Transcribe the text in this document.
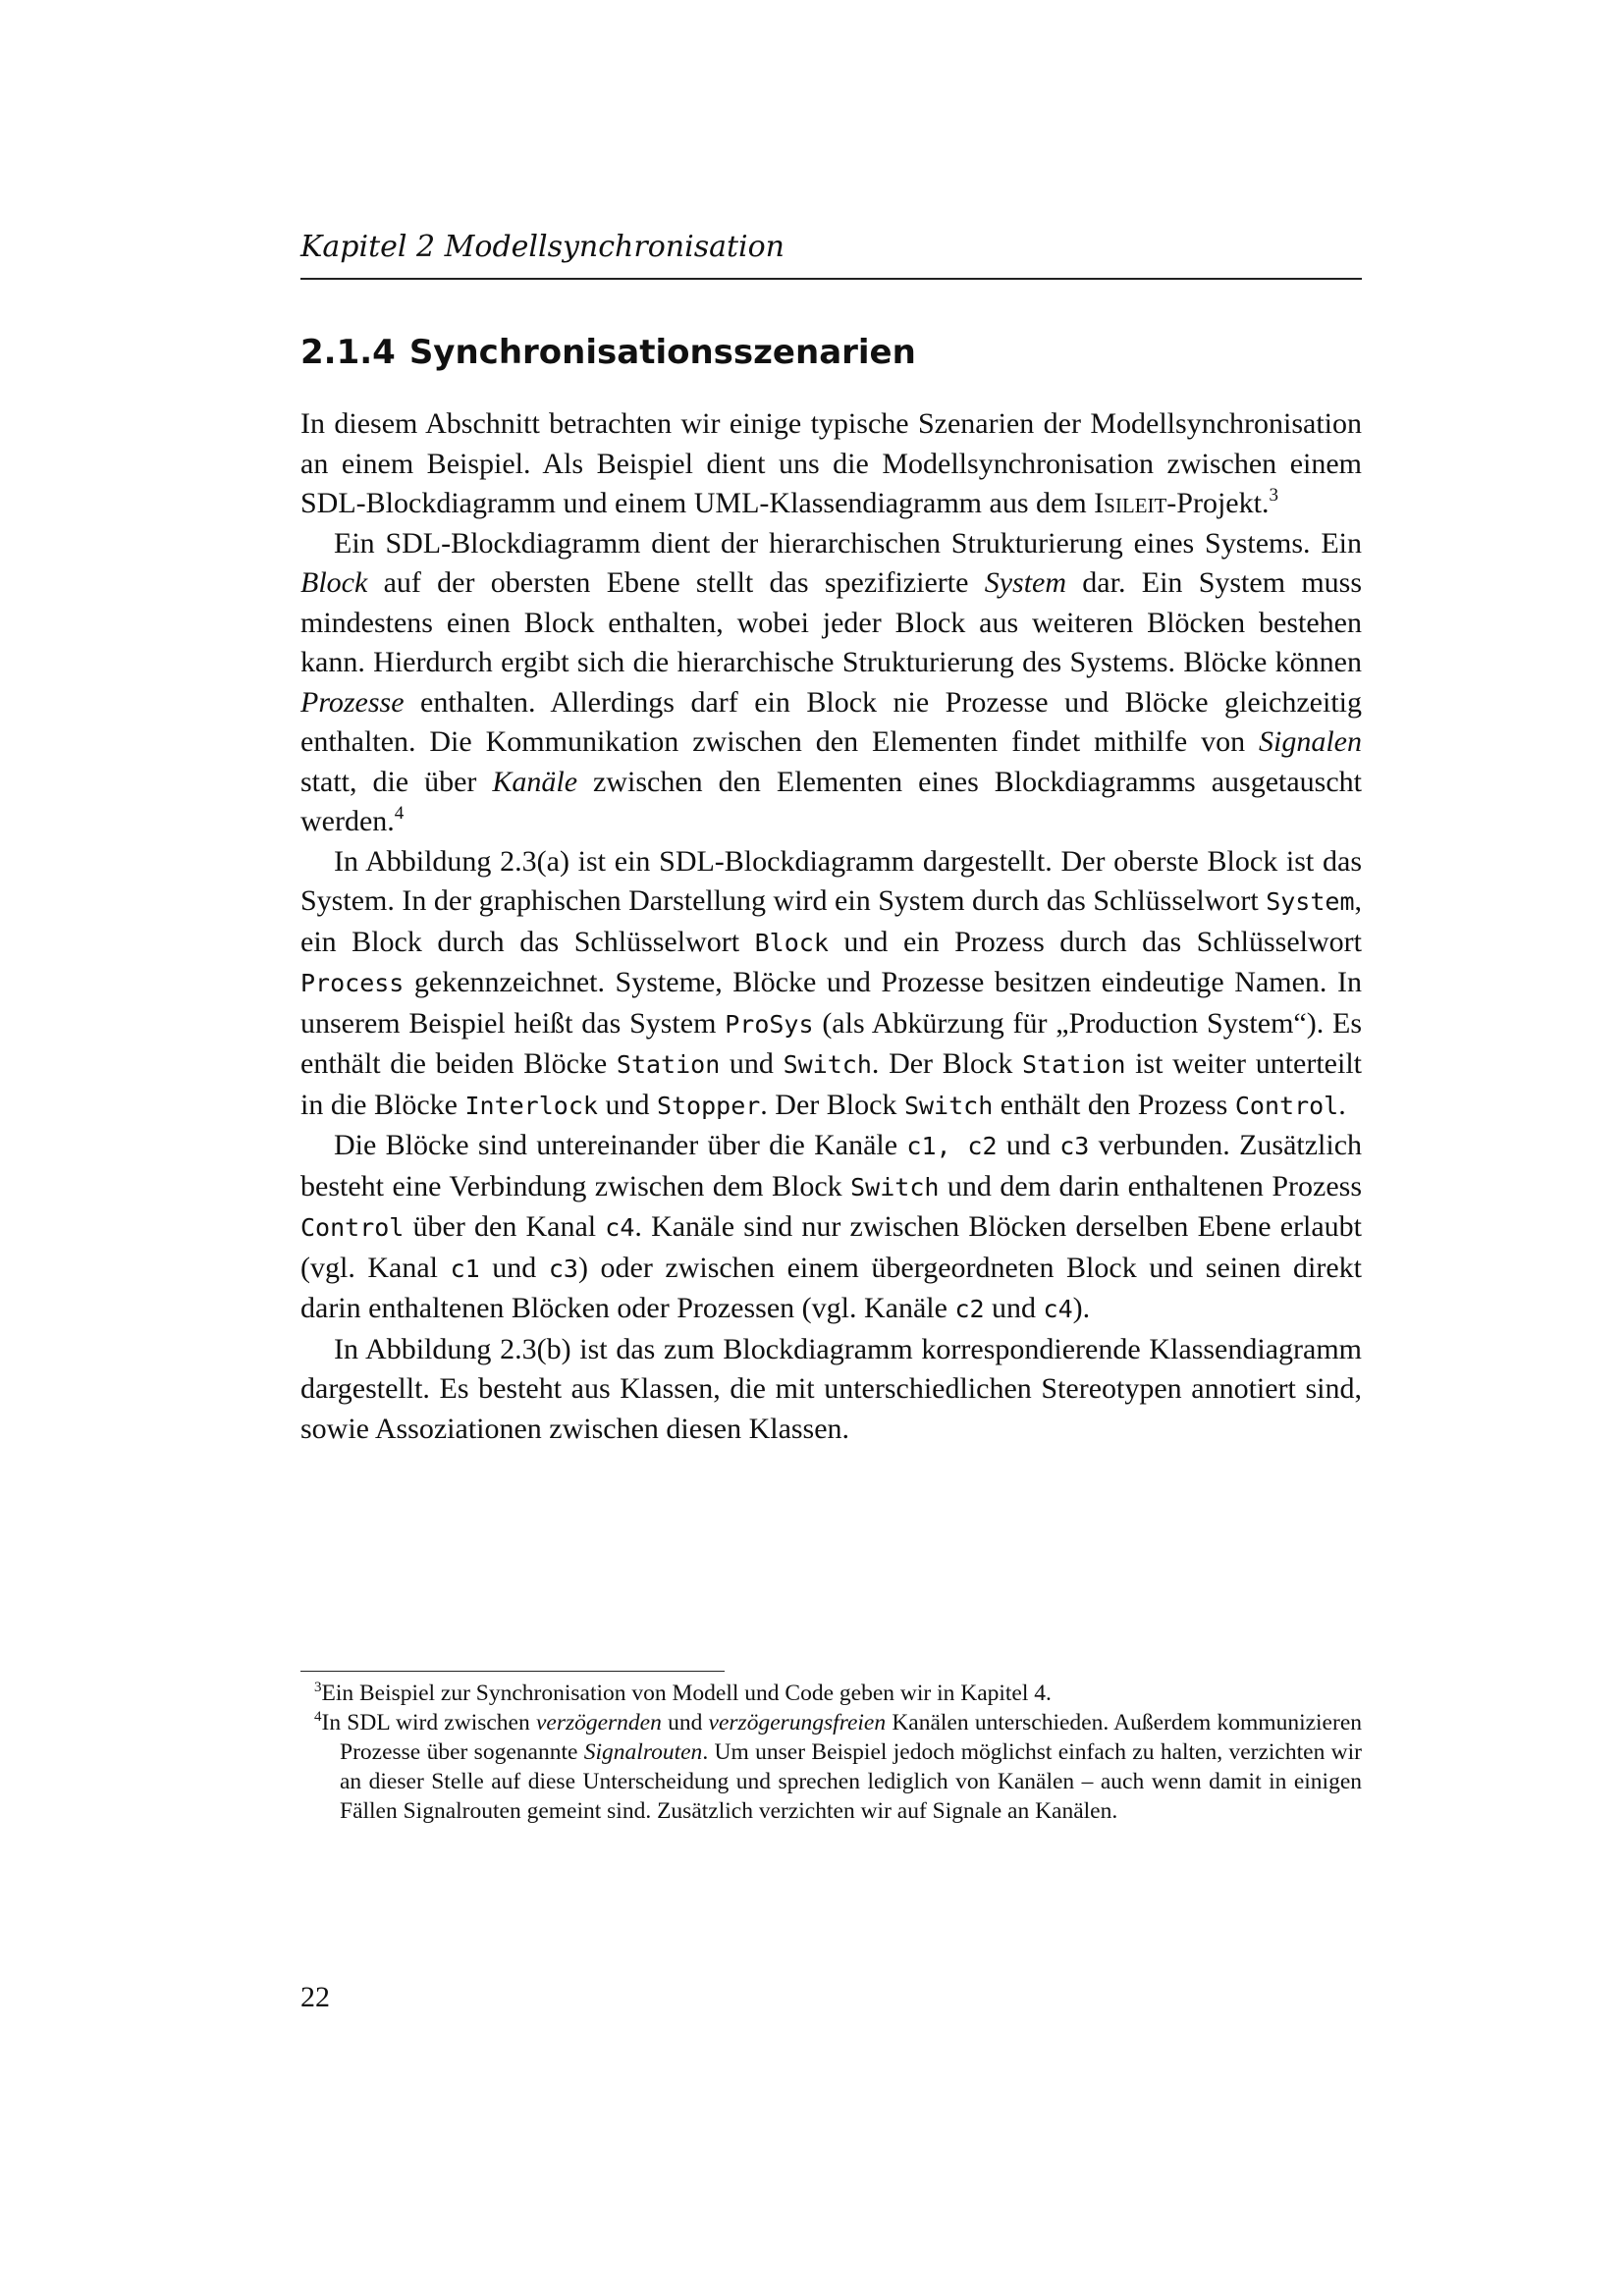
Kapitel 2 Modellsynchronisation
2.1.4 Synchronisationsszenarien

In diesem Abschnitt betrachten wir einige typische Szenarien der Modellsynchronisation an einem Beispiel. Als Beispiel dient uns die Modellsynchronisation zwischen einem SDL-Blockdiagramm und einem UML-Klassendiagramm aus dem Isileit-Projekt.$^3$

Ein SDL-Blockdiagramm dient der hierarchischen Strukturierung eines Systems. Ein Block auf der obersten Ebene stellt das spezifizierte System dar. Ein System muss mindestens einen Block enthalten, wobei jeder Block aus weiteren Blöcken bestehen kann. Hierdurch ergibt sich die hierarchische Strukturierung des Systems. Blöcke können Prozesse enthalten. Allerdings darf ein Block nie Prozesse und Blöcke gleichzeitig enthalten. Die Kommunikation zwischen den Elementen findet mithilfe von Signalen statt, die über Kanäle zwischen den Elementen eines Blockdiagramms ausgetauscht werden.$^4$

In Abbildung 2.3(a) ist ein SDL-Blockdiagramm dargestellt. Der oberste Block ist das System. In der graphischen Darstellung wird ein System durch das Schlüsselwort System, ein Block durch das Schlüsselwort Block und ein Prozess durch das Schlüsselwort Process gekennzeichnet. Systeme, Blöcke und Prozesse besitzen eindeutige Namen. In unserem Beispiel heißt das System ProSys (als Abkürzung für „Production System“). Es enthält die beiden Blöcke Station und Switch. Der Block Station ist weiter unterteilt in die Blöcke Interlock und Stopper. Der Block Switch enthält den Prozess Control.

Die Blöcke sind untereinander über die Kanäle c1, c2 und c3 verbunden. Zusätzlich besteht eine Verbindung zwischen dem Block Switch und dem darin enthaltenen Prozess Control über den Kanal c4. Kanäle sind nur zwischen Blöcken derselben Ebene erlaubt (vgl. Kanal c1 und c3) oder zwischen einem übergeordneten Block und seinen direkt darin enthaltenen Blöcken oder Prozessen (vgl. Kanäle c2 und c4).

In Abbildung 2.3(b) ist das zum Blockdiagramm korrespondierende Klassendiagramm dargestellt. Es besteht aus Klassen, die mit unterschiedlichen Stereotypen annotiert sind, sowie Assoziationen zwischen diesen Klassen.

$^3$Ein Beispiel zur Synchronisation von Modell und Code geben wir in Kapitel 4.

$^4$In SDL wird zwischen verzögernden und verzögerungsfreien Kanälen unterschieden. Außerdem kommunizieren Prozesse über sogenannte Signalrouten. Um unser Beispiel jedoch möglichst einfach zu halten, verzichten wir an dieser Stelle auf diese Unterscheidung und sprechen lediglich von Kanälen – auch wenn damit in einigen Fällen Signalrouten gemeint sind. Zusätzlich verzichten wir auf Signale an Kanälen.

22
